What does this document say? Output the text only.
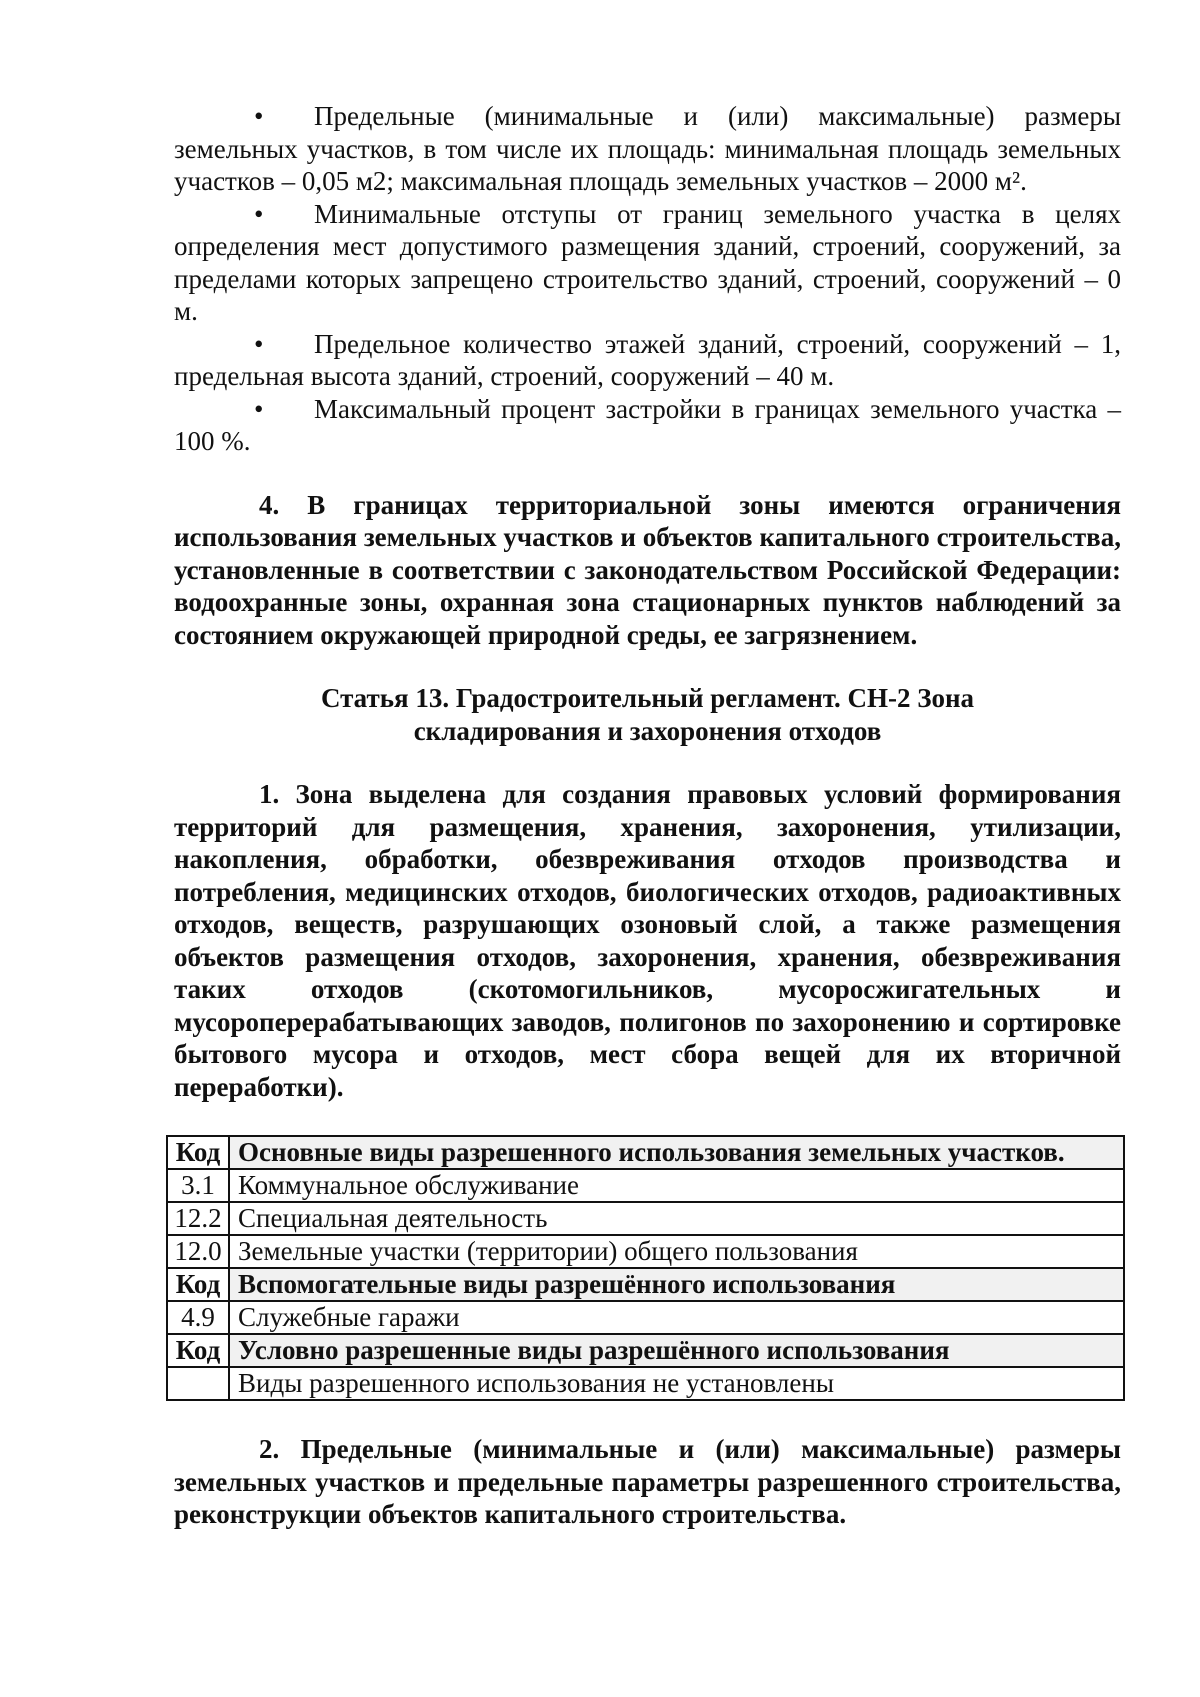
• Предельные (минимальные и (или) максимальные) размеры земельных участков, в том числе их площадь: минимальная площадь земельных участков – 0,05 м2; максимальная площадь земельных участков – 2000 м².

• Минимальные отступы от границ земельного участка в целях определения мест допустимого размещения зданий, строений, сооружений, за пределами которых запрещено строительство зданий, строений, сооружений – 0 м.

• Предельное количество этажей зданий, строений, сооружений – 1, предельная высота зданий, строений, сооружений – 40 м.

• Максимальный процент застройки в границах земельного участка – 100 %.

4. В границах территориальной зоны имеются ограничения использования земельных участков и объектов капитального строительства, установленные в соответствии с законодательством Российской Федерации: водоохранные зоны, охранная зона стационарных пунктов наблюдений за состоянием окружающей природной среды, ее загрязнением.

Статья 13. Градостроительный регламент. СН-2 Зона

складирования и захоронения отходов

1. Зона выделена для создания правовых условий формирования территорий для размещения, хранения, захоронения, утилизации, накопления, обработки, обезвреживания отходов производства и потребления, медицинских отходов, биологических отходов, радиоактивных отходов, веществ, разрушающих озоновый слой, а также размещения объектов размещения отходов, захоронения, хранения, обезвреживания таких отходов (скотомогильников, мусоросжигательных и мусороперерабатывающих заводов, полигонов по захоронению и сортировке бытового мусора и отходов, мест сбора вещей для их вторичной переработки).

Код	Основные виды разрешенного использования земельных участков.
3.1	Коммунальное обслуживание
12.2	Специальная деятельность
12.0	Земельные участки (территории) общего пользования
Код	Вспомогательные виды разрешённого использования
4.9	Служебные гаражи
Код	Условно разрешенные виды разрешённого использования
	Виды разрешенного использования не установлены

2. Предельные (минимальные и (или) максимальные) размеры земельных участков и предельные параметры разрешенного строительства, реконструкции объектов капитального строительства.
